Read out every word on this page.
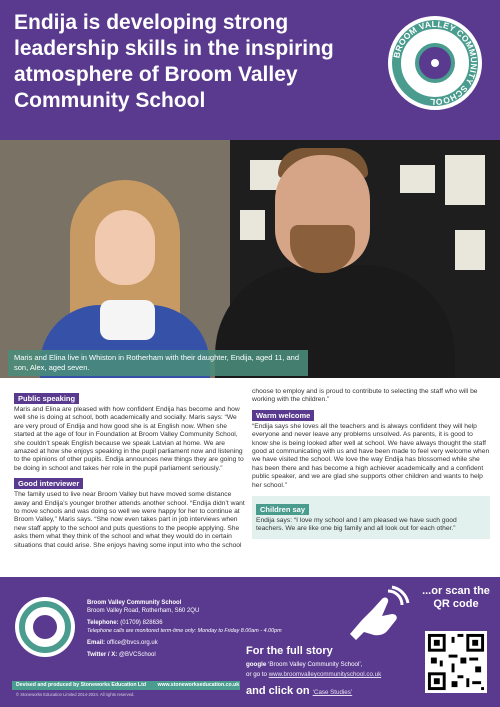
Endija is developing strong leadership skills in the inspiring atmosphere of Broom Valley Community School
BROOM VALLEY COMMUNITY SCHOOL
Maris and Elina live in Whiston in Rotherham with their daughter, Endija, aged 11, and son, Alex, aged seven.
Public speaking

Maris and Elina are pleased with how confident Endija has become and how well she is doing at school, both academically and socially. Maris says: “We are very proud of Endija and how good she is at English now. When she started at the age of four in Foundation at Broom Valley Community School, she couldn’t speak English because we speak Latvian at home. We are amazed at how she enjoys speaking in the pupil parliament now and listening to the opinions of other pupils. Endija announces new things they are going to be doing in school and takes her role in the pupil parliament seriously.”

Good interviewer

The family used to live near Broom Valley but have moved some distance away and Endija’s younger brother attends another school. “Endija didn’t want to move schools and was doing so well we were happy for her to continue at Broom Valley,” Maris says. “She now even takes part in job interviews when new staff apply to the school and puts questions to the people applying. She asks them what they think of the school and what they would do in certain situations that could arise. She enjoys having some input into who the school

choose to employ and is proud to contribute to selecting the staff who will be working with the children.”

Warm welcome

“Endija says she loves all the teachers and is always confident they will help everyone and never leave any problems unsolved. As parents, it is good to know she is being looked after well at school. We have always thought the staff good at communicating with us and have been made to feel very welcome when we have visited the school. We love the way Endija has blossomed while she has been there and has become a high achiever academically and a confident public speaker, and we are glad she supports other children and wants to help her school.”

Children say

Endija says: “I love my school and I am pleased we have such good teachers. We are like one big family and all look out for each other.”

Broom Valley Community School
Broom Valley Road, Rotherham, S60 2QU
Telephone: (01709) 828636
Telephone calls are monitored term-time only: Monday to Friday 8.00am - 4.00pm
Email: office@bvcs.org.uk
Twitter / X: @BVCSchool
Devised and produced by Stoneworks Education Ltd www.stoneworkseducation.co.uk
© Stoneworks Education Limited 2014-2024. All rights reserved.
...or scan the QR code
For the full story
google ‘Broom Valley Community School’,
or go to www.broomvalleycommunityschool.co.uk
and click on ‘Case Studies’
